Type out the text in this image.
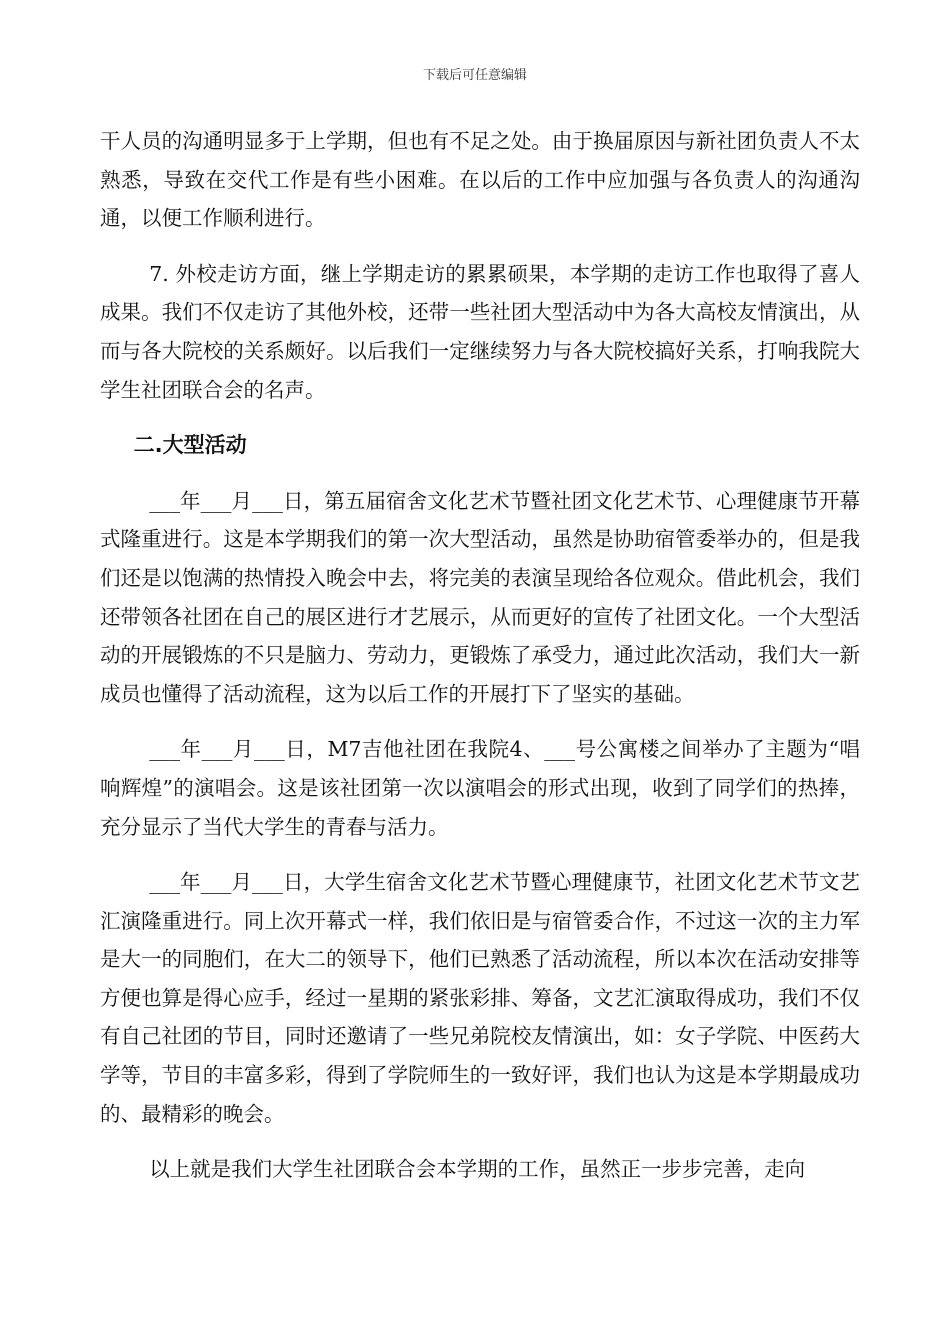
下载后可任意编辑

干人员的沟通明显多于上学期，但也有不足之处。由于换届原因与新社团负责人不太熟悉，导致在交代工作是有些小困难。在以后的工作中应加强与各负责人的沟通沟通，以便工作顺利进行。

7. 外校走访方面，继上学期走访的累累硕果，本学期的走访工作也取得了喜人成果。我们不仅走访了其他外校，还带一些社团大型活动中为各大高校友情演出，从而与各大院校的关系颇好。以后我们一定继续努力与各大院校搞好关系，打响我院大学生社团联合会的名声。

二.大型活动

___年___月___日，第五届宿舍文化艺术节暨社团文化艺术节、心理健康节开幕式隆重进行。这是本学期我们的第一次大型活动，虽然是协助宿管委举办的，但是我们还是以饱满的热情投入晚会中去，将完美的表演呈现给各位观众。借此机会，我们还带领各社团在自己的展区进行才艺展示，从而更好的宣传了社团文化。一个大型活动的开展锻炼的不只是脑力、劳动力，更锻炼了承受力，通过此次活动，我们大一新成员也懂得了活动流程，这为以后工作的开展打下了坚实的基础。

___年___月___日，M7吉他社团在我院4、___号公寓楼之间举办了主题为“唱响辉煌”的演唱会。这是该社团第一次以演唱会的形式出现，收到了同学们的热捧，充分显示了当代大学生的青春与活力。

___年___月___日，大学生宿舍文化艺术节暨心理健康节，社团文化艺术节文艺汇演隆重进行。同上次开幕式一样，我们依旧是与宿管委合作，不过这一次的主力军是大一的同胞们，在大二的领导下，他们已熟悉了活动流程，所以本次在活动安排等方便也算是得心应手，经过一星期的紧张彩排、筹备，文艺汇演取得成功，我们不仅有自己社团的节目，同时还邀请了一些兄弟院校友情演出，如：女子学院、中医药大学等，节目的丰富多彩，得到了学院师生的一致好评，我们也认为这是本学期最成功的、最精彩的晚会。

以上就是我们大学生社团联合会本学期的工作，虽然正一步步完善，走向
